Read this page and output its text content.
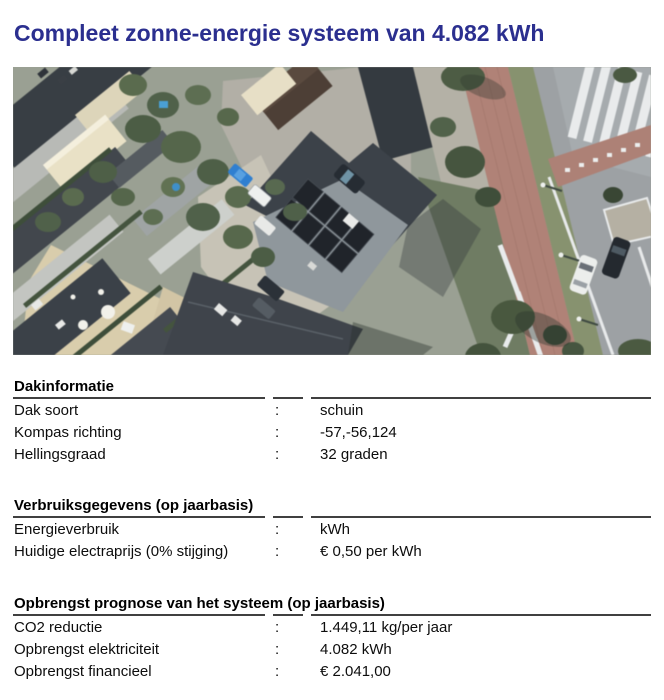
Compleet zonne-energie systeem van 4.082 kWh
Dakinformatie
Dak soort	:	schuin
Kompas richting	:	-57,-56,124
Hellingsgraad	:	32 graden
Verbruiksgegevens (op jaarbasis)
Energieverbruik	:	kWh
Huidige electraprijs (0% stijging)	:	€ 0,50 per kWh
Opbrengst prognose van het systeem (op jaarbasis)
CO2 reductie	:	1.449,11 kg/per jaar
Opbrengst elektriciteit	:	4.082 kWh
Opbrengst financieel	:	€ 2.041,00
